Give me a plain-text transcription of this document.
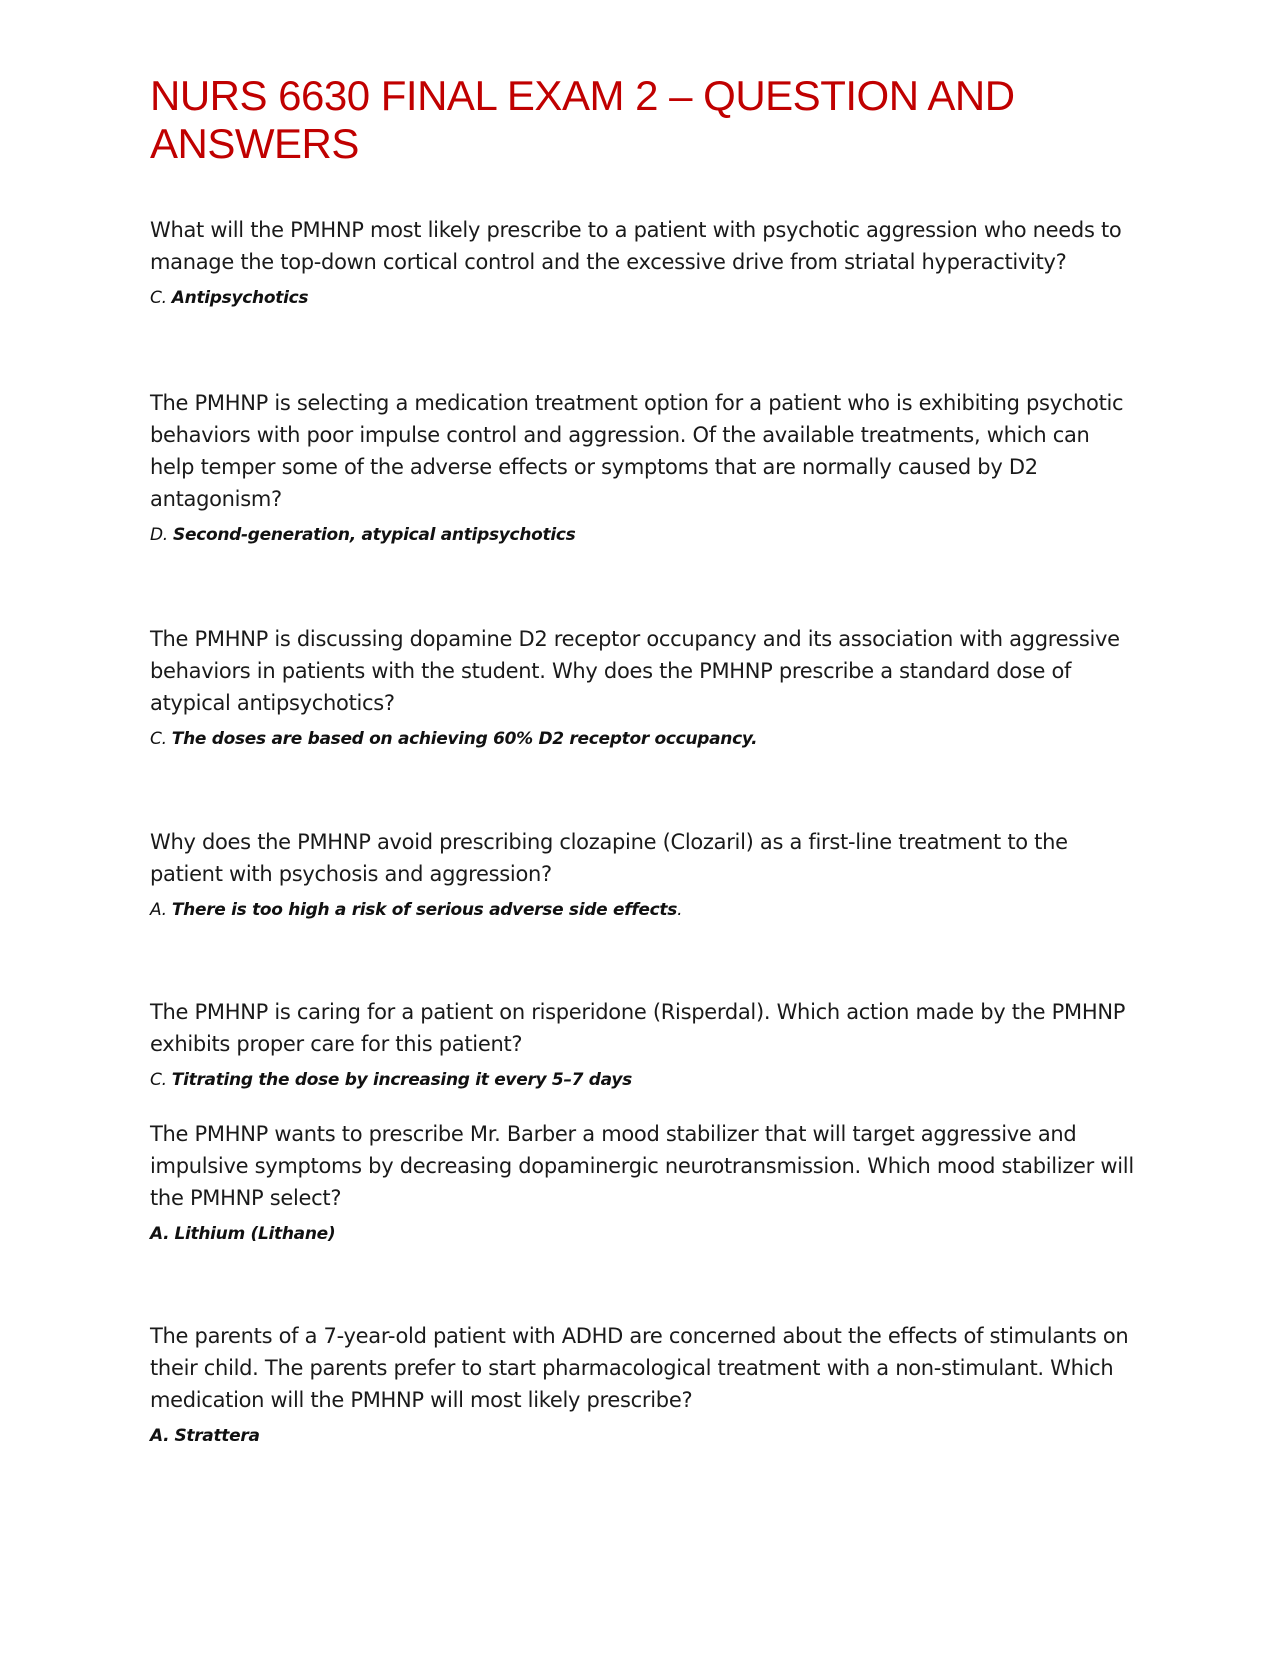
NURS 6630 FINAL EXAM 2 – QUESTION AND ANSWERS

What will the PMHNP most likely prescribe to a patient with psychotic aggression who needs to manage the top-down cortical control and the excessive drive from striatal hyperactivity?

C. Antipsychotics

The PMHNP is selecting a medication treatment option for a patient who is exhibiting psychotic behaviors with poor impulse control and aggression. Of the available treatments, which can help temper some of the adverse effects or symptoms that are normally caused by D2 antagonism?

D. Second-generation, atypical antipsychotics

The PMHNP is discussing dopamine D2 receptor occupancy and its association with aggressive behaviors in patients with the student. Why does the PMHNP prescribe a standard dose of atypical antipsychotics?

C. The doses are based on achieving 60% D2 receptor occupancy.

Why does the PMHNP avoid prescribing clozapine (Clozaril) as a first-line treatment to the patient with psychosis and aggression?

A. There is too high a risk of serious adverse side effects.

The PMHNP is caring for a patient on risperidone (Risperdal). Which action made by the PMHNP exhibits proper care for this patient?

C. Titrating the dose by increasing it every 5–7 days

The PMHNP wants to prescribe Mr. Barber a mood stabilizer that will target aggressive and impulsive symptoms by decreasing dopaminergic neurotransmission. Which mood stabilizer will the PMHNP select?

A. Lithium (Lithane)

The parents of a 7-year-old patient with ADHD are concerned about the effects of stimulants on their child. The parents prefer to start pharmacological treatment with a non-stimulant. Which medication will the PMHNP will most likely prescribe?

A. Strattera
